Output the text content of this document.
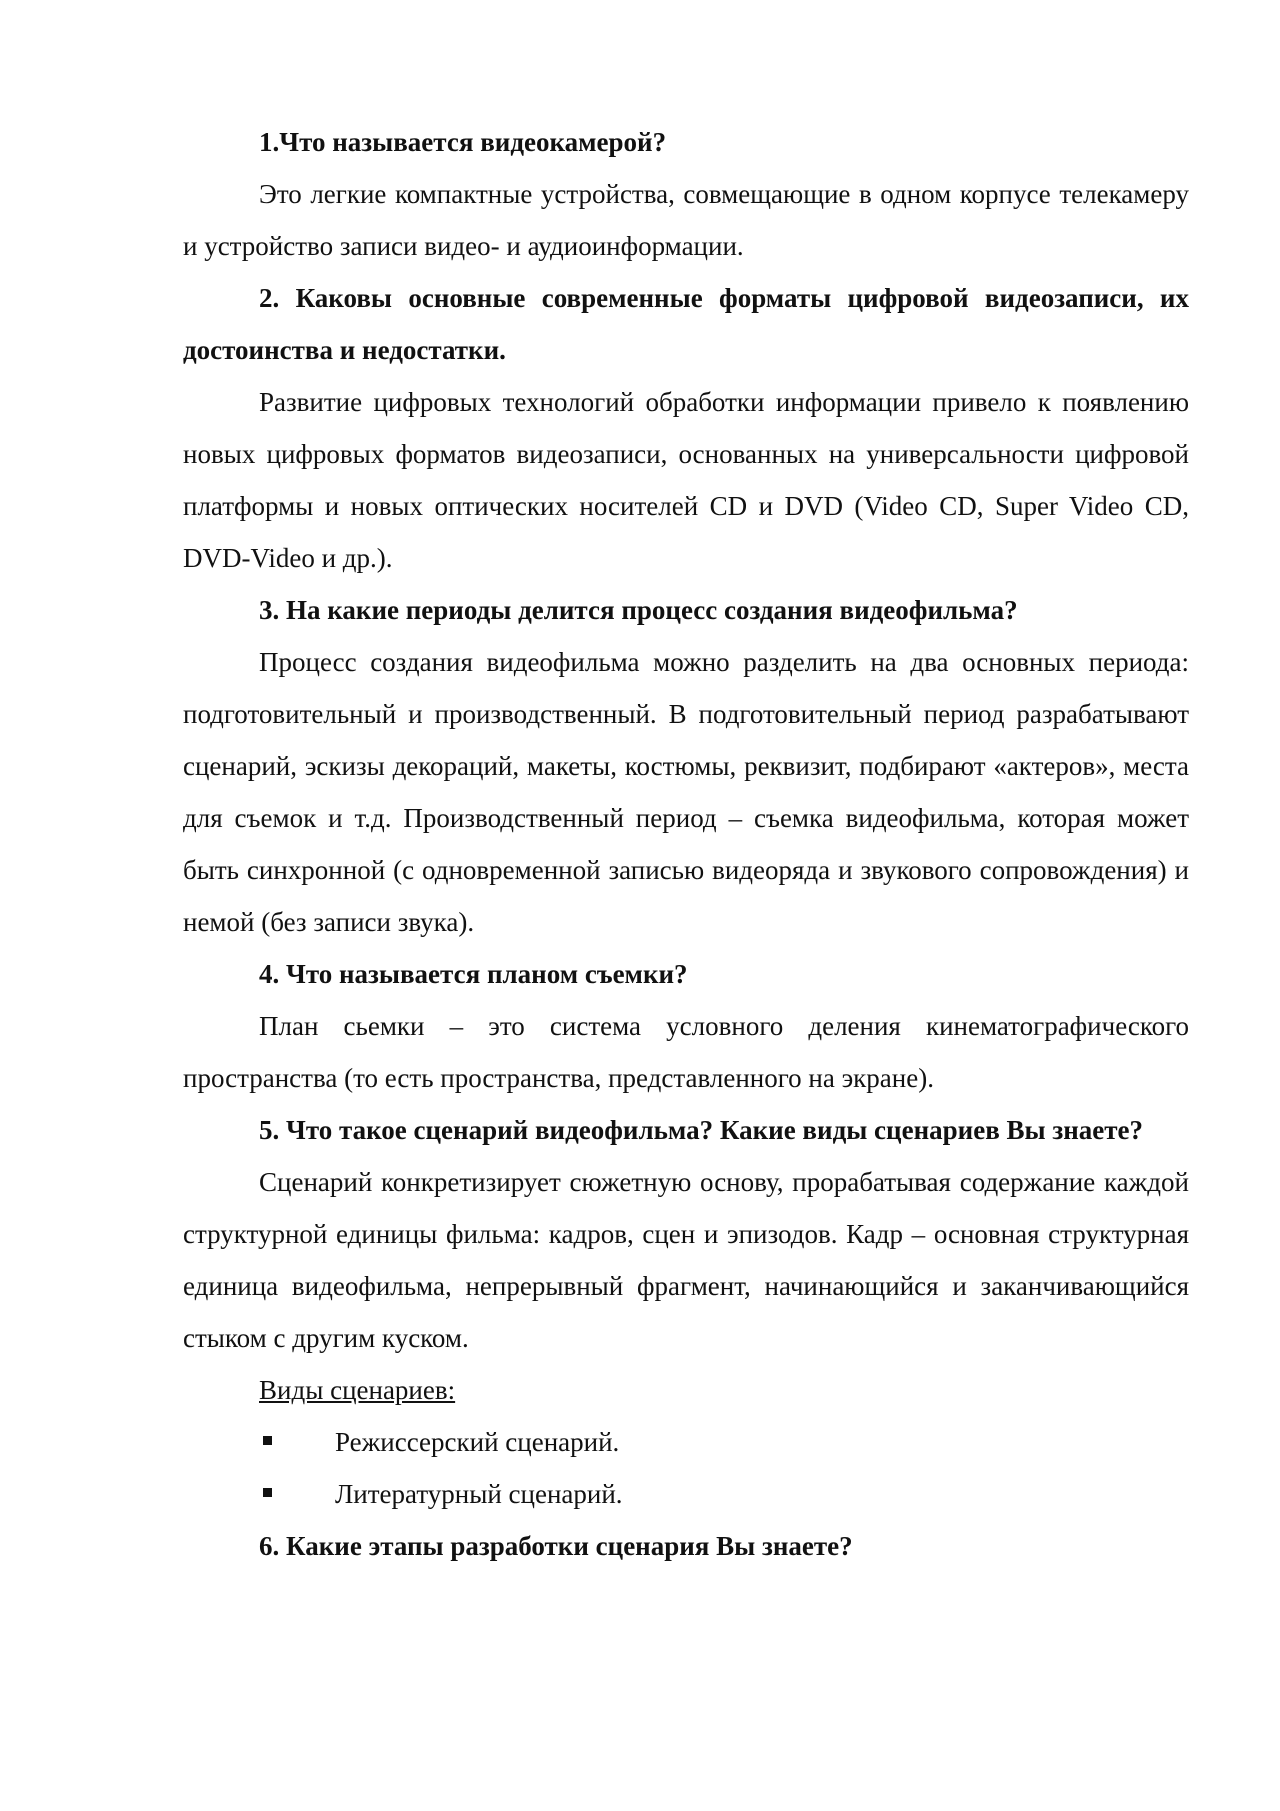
1.Что называется видеокамерой?

Это легкие компактные устройства, совмещающие в одном корпусе телекамеру и устройство записи видео- и аудиоинформации.

2. Каковы основные современные форматы цифровой видеозаписи, их достоинства и недостатки.

Развитие цифровых технологий обработки информации привело к появлению новых цифровых форматов видеозаписи, основанных на универсальности цифровой платформы и новых оптических носителей CD и DVD (Video CD, Super Video CD, DVD-Video и др.).

3. На какие периоды делится процесс создания видеофильма?

Процесс создания видеофильма можно разделить на два основных периода: подготовительный и производственный. В подготовительный период разрабатывают сценарий, эскизы декораций, макеты, костюмы, реквизит, подбирают «актеров», места для съемок и т.д. Производственный период – съемка видеофильма, которая может быть синхронной (с одновременной записью видеоряда и звукового сопровождения) и немой (без записи звука).

4. Что называется планом съемки?

План сьемки – это система условного деления кинематографического пространства (то есть пространства, представленного на экране).

5. Что такое сценарий видеофильма? Какие виды сценариев Вы знаете?

Сценарий конкретизирует сюжетную основу, прорабатывая содержание каждой структурной единицы фильма: кадров, сцен и эпизодов. Кадр – основная структурная единица видеофильма, непрерывный фрагмент, начинающийся и заканчивающийся стыком с другим куском.

Виды сценариев:

Режиссерский сценарий.
Литературный сценарий.

6. Какие этапы разработки сценария Вы знаете?
